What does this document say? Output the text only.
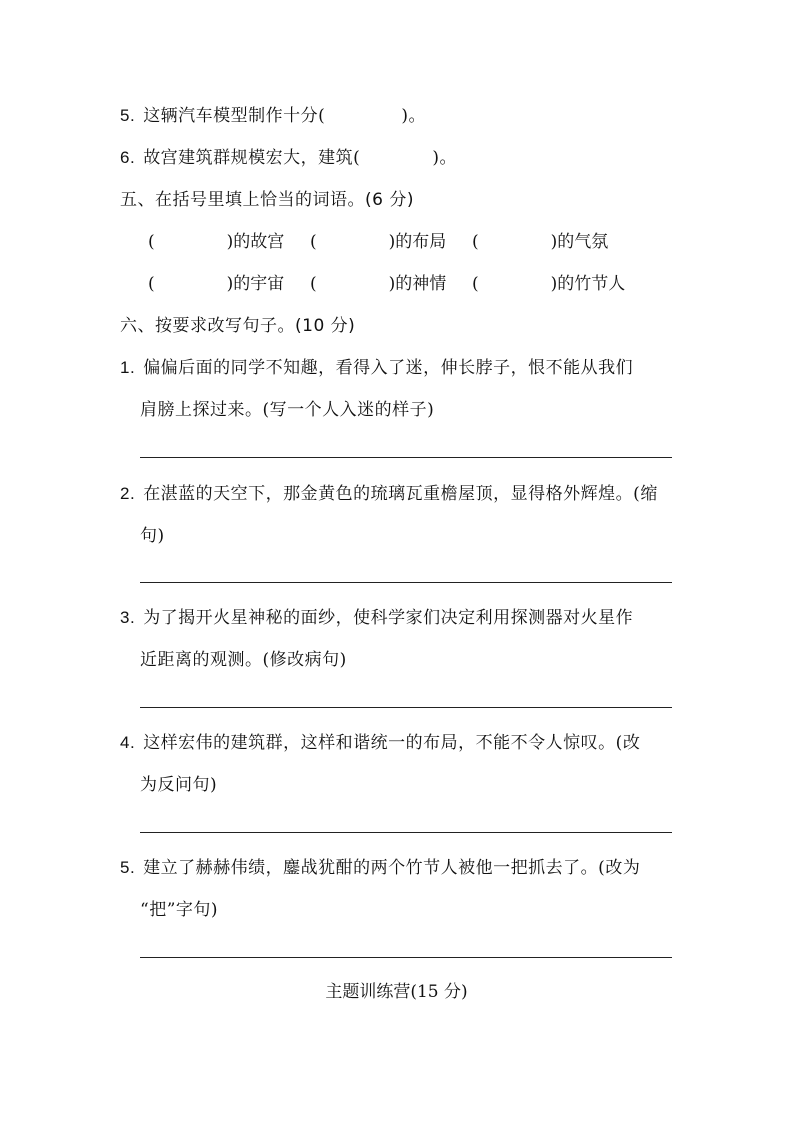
5. 这辆汽车模型制作十分(	)。
6. 故宫建筑群规模宏大，建筑(	)。
五、在括号里填上恰当的词语。(6 分)
(	)的故宫 (	)的布局 (	)的气氛
(	)的宇宙 (	)的神情 (	)的竹节人
六、按要求改写句子。(10 分)
1. 偏偏后面的同学不知趣，看得入了迷，伸长脖子，恨不能从我们
肩膀上探过来。(写一个人入迷的样子)
2. 在湛蓝的天空下，那金黄色的琉璃瓦重檐屋顶，显得格外辉煌。(缩
句)
3. 为了揭开火星神秘的面纱，使科学家们决定利用探测器对火星作
近距离的观测。(修改病句)
4. 这样宏伟的建筑群，这样和谐统一的布局，不能不令人惊叹。(改
为反问句)
5. 建立了赫赫伟绩，鏖战犹酣的两个竹节人被他一把抓去了。(改为
“把”字句)
主题训练营(15 分)
